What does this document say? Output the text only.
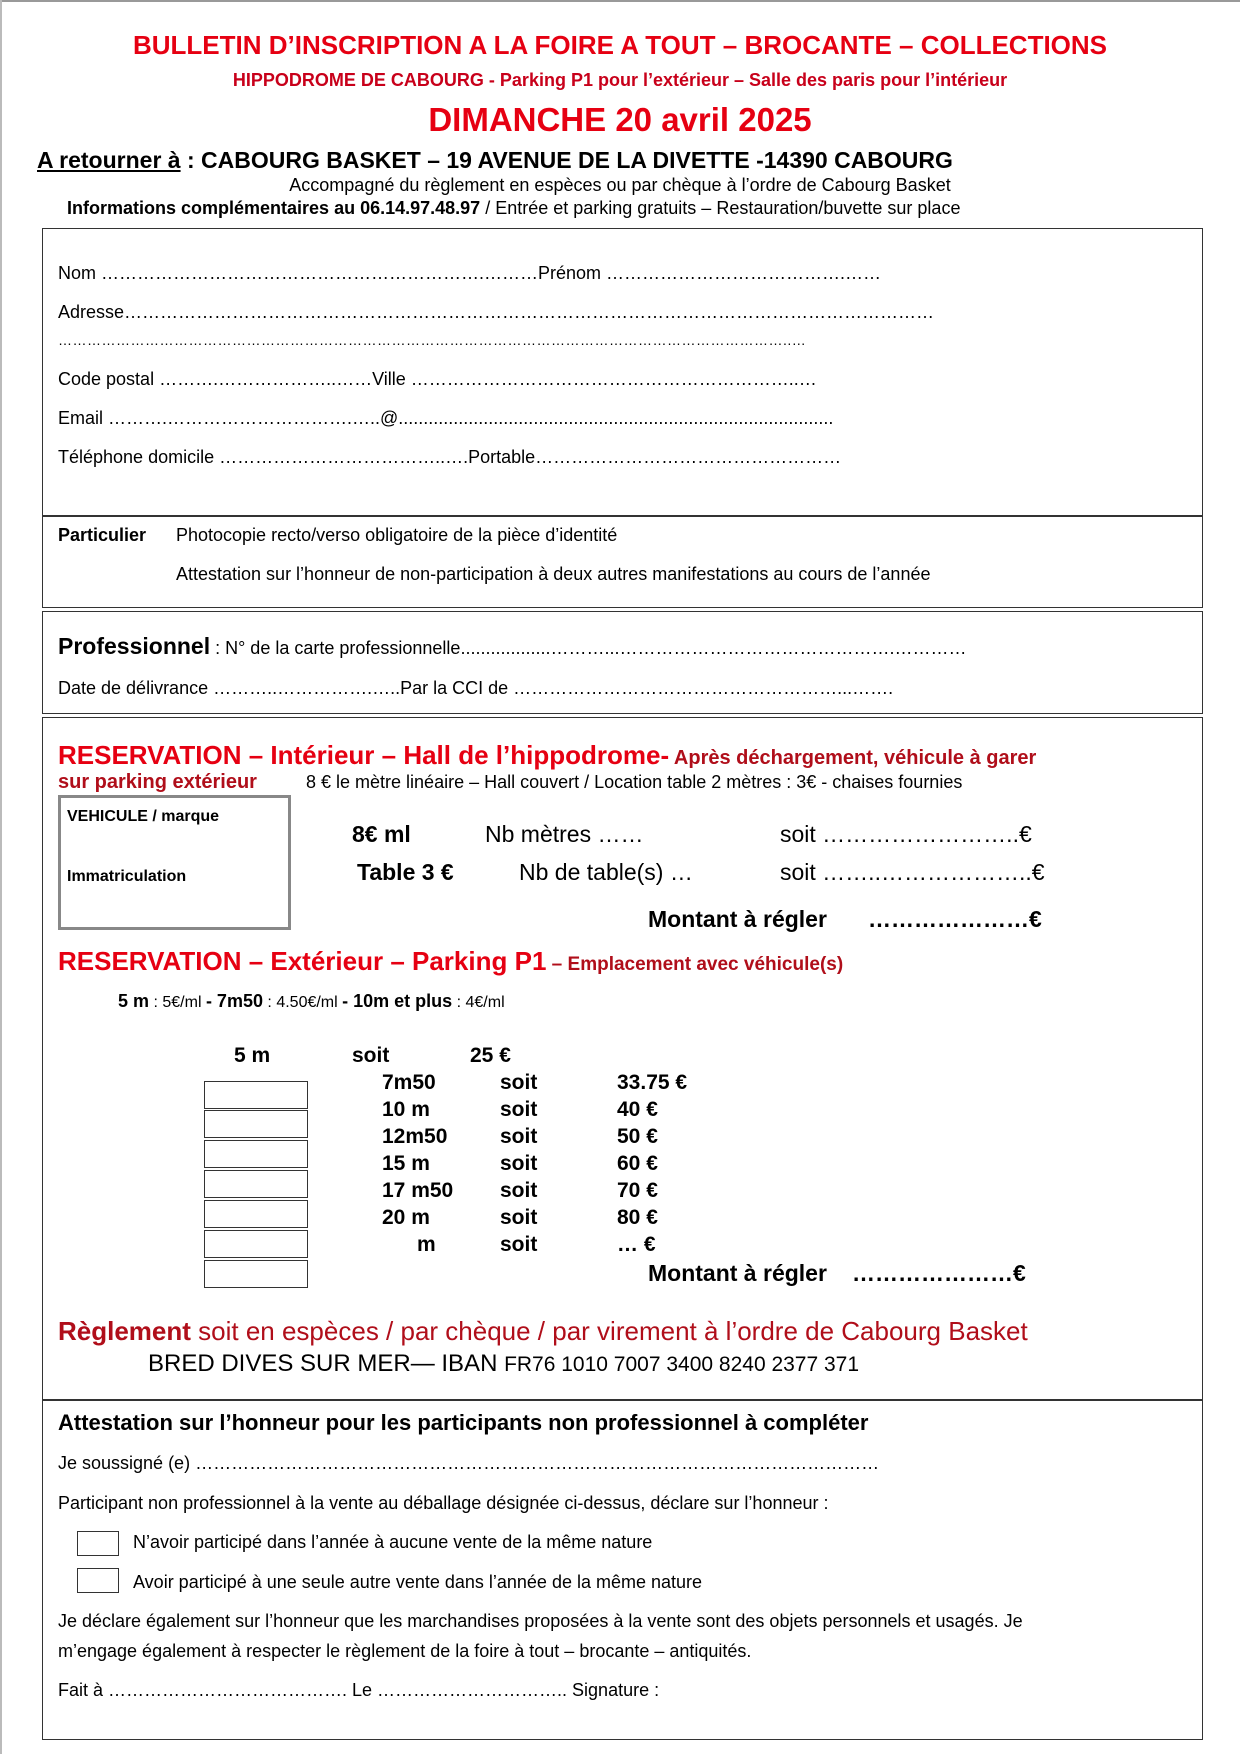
BULLETIN D’INSCRIPTION A LA FOIRE A TOUT – BROCANTE – COLLECTIONS
HIPPODROME DE CABOURG - Parking P1 pour l’extérieur – Salle des paris pour l’intérieur
DIMANCHE 20 avril 2025
A retourner à : CABOURG BASKET – 19 AVENUE DE LA DIVETTE -14390 CABOURG
Accompagné du règlement en espèces ou par chèque à l’ordre de Cabourg Basket
Informations complémentaires au 06.14.97.48.97 / Entrée et parking gratuits – Restauration/buvette sur place
Nom ……………………………………………………….………Prénom ………………………………….……
Adresse………………………………………………………………………………………………………………………
……………………………………………………………………………………………………………………………………..…
Code postal ……….………………..……Ville ………………………………………………………..…
Email ……….………………………….…..@.......................................................................................
Téléphone domicile ………………………………..….Portable……………………………………………
Particulier Photocopie recto/verso obligatoire de la pièce d’identité
Attestation sur l’honneur de non-participation à deux autres manifestations au cours de l’année
Professionnel : N° de la carte professionnelle..................………...……………………………………….…………
Date de délivrance ………..…………….…..Par la CCI de ………………………………………………...…….
RESERVATION – Intérieur – Hall de l’hippodrome- Après déchargement, véhicule à garer
sur parking extérieur	8 € le mètre linéaire – Hall couvert / Location table 2 mètres : 3€ - chaises fournies
VEHICULE / marque
Immatriculation
8€ ml	Nb mètres ……	soit ……………………..€
Table 3 €	Nb de table(s) …	soit ……..………………..€
Montant à régler …………………€
RESERVATION – Extérieur – Parking P1 – Emplacement avec véhicule(s)
5 m : 5€/ml - 7m50 : 4.50€/ml - 10m et plus : 4€/ml
5 m	soit	25 €
7m50	soit	33.75 €
10 m	soit	40 €
12m50	soit	50 €
15 m	soit	60 €
17 m50 soit	70 €
20 m	soit	80 €
m	soit	… €
Montant à régler …………………€
Règlement soit en espèces / par chèque / par virement à l’ordre de Cabourg Basket
BRED DIVES SUR MER— IBAN FR76 1010 7007 3400 8240 2377 371
Attestation sur l’honneur pour les participants non professionnel à compléter
Je soussigné (e) ……………………………………………………………………………………………………
Participant non professionnel à la vente au déballage désignée ci-dessus, déclare sur l’honneur :
N’avoir participé dans l’année à aucune vente de la même nature
Avoir participé à une seule autre vente dans l’année de la même nature
Je déclare également sur l’honneur que les marchandises proposées à la vente sont des objets personnels et usagés. Je
m’engage également à respecter le règlement de la foire à tout – brocante – antiquités.
Fait à …………………………………. Le ………………………….. Signature :
